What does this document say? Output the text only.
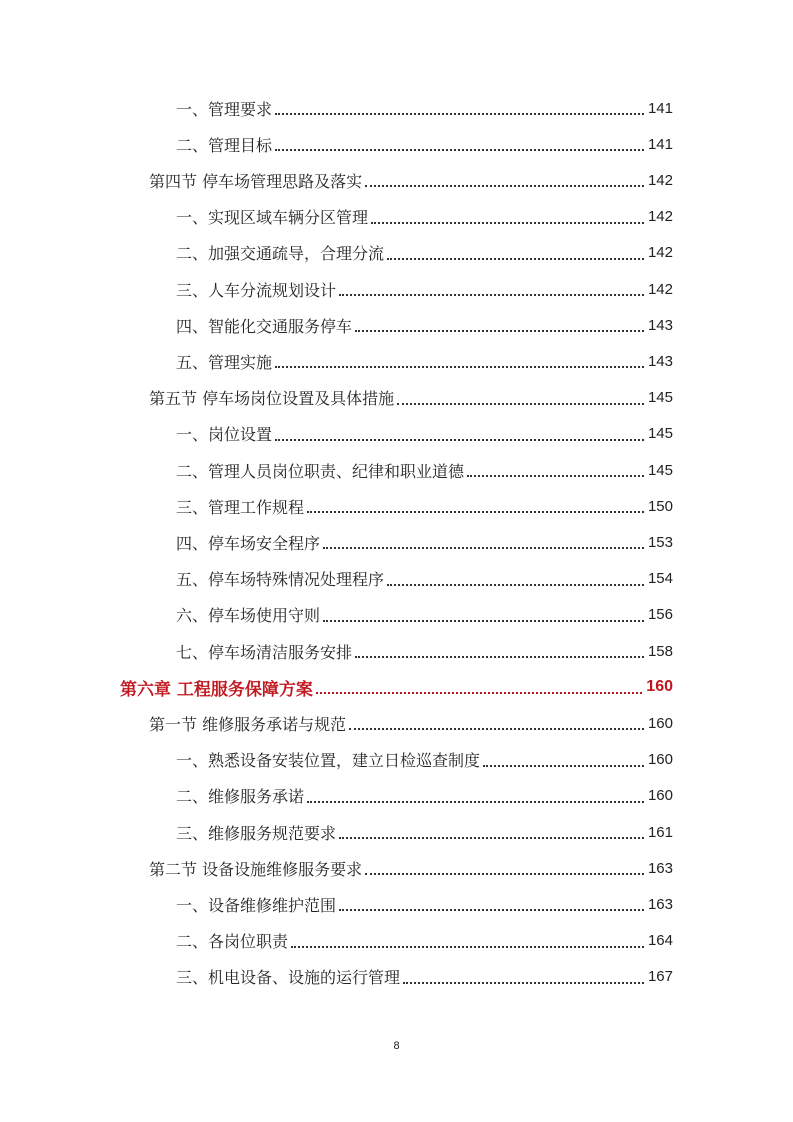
一、管理要求	141
二、管理目标	141
第四节 停车场管理思路及落实	142
一、实现区域车辆分区管理	142
二、加强交通疏导，合理分流	142
三、人车分流规划设计	142
四、智能化交通服务停车	143
五、管理实施	143
第五节 停车场岗位设置及具体措施	145
一、岗位设置	145
二、管理人员岗位职责、纪律和职业道德	145
三、管理工作规程	150
四、停车场安全程序	153
五、停车场特殊情况处理程序	154
六、停车场使用守则	156
七、停车场清洁服务安排	158
第六章 工程服务保障方案	160
第一节 维修服务承诺与规范	160
一、熟悉设备安装位置，建立日检巡查制度	160
二、维修服务承诺	160
三、维修服务规范要求	161
第二节 设备设施维修服务要求	163
一、设备维修维护范围	163
二、各岗位职责	164
三、机电设备、设施的运行管理	167
8
